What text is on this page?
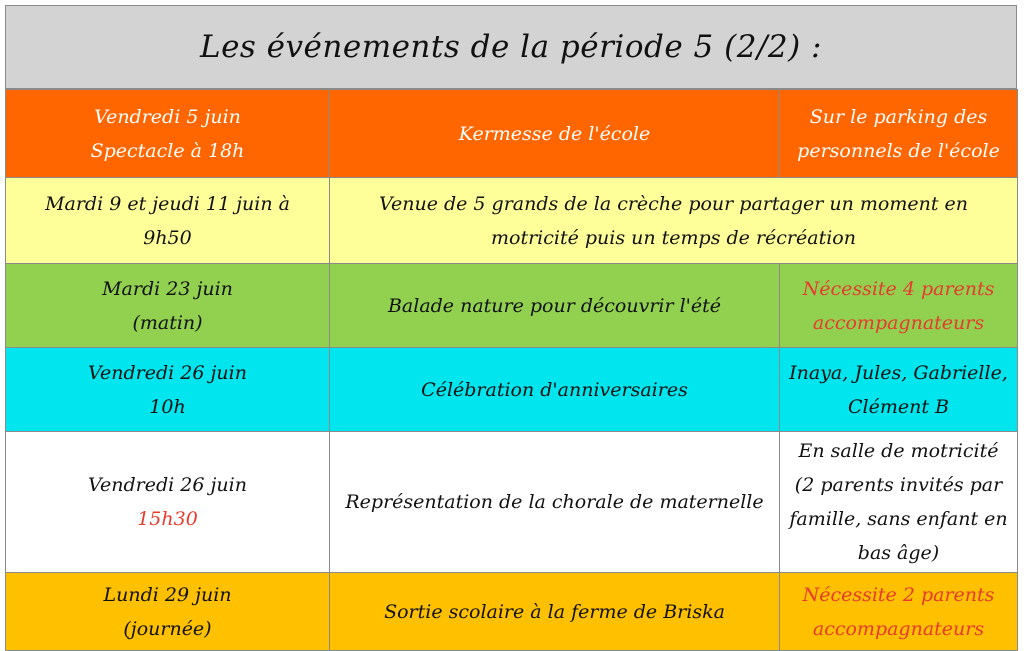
Les événements de la période 5 (2/2) :
Vendredi 5 juin
Spectacle à 18h	Kermesse de l'école	Sur le parking des
personnels de l'école

Mardi 9 et jeudi 11 juin à
9h50	Venue de 5 grands de la crèche pour partager un moment en
motricité puis un temps de récréation	

Mardi 23 juin
(matin)	Balade nature pour découvrir l'été	Nécessite 4 parents
accompagnateurs

Vendredi 26 juin
10h	Célébration d'anniversaires	Inaya, Jules, Gabrielle,
Clément B

Vendredi 26 juin
15h30	Représentation de la chorale de maternelle	En salle de motricité
(2 parents invités par
famille, sans enfant en
bas âge)

Lundi 29 juin
(journée)	Sortie scolaire à la ferme de Briska	Nécessite 2 parents
accompagnateurs
